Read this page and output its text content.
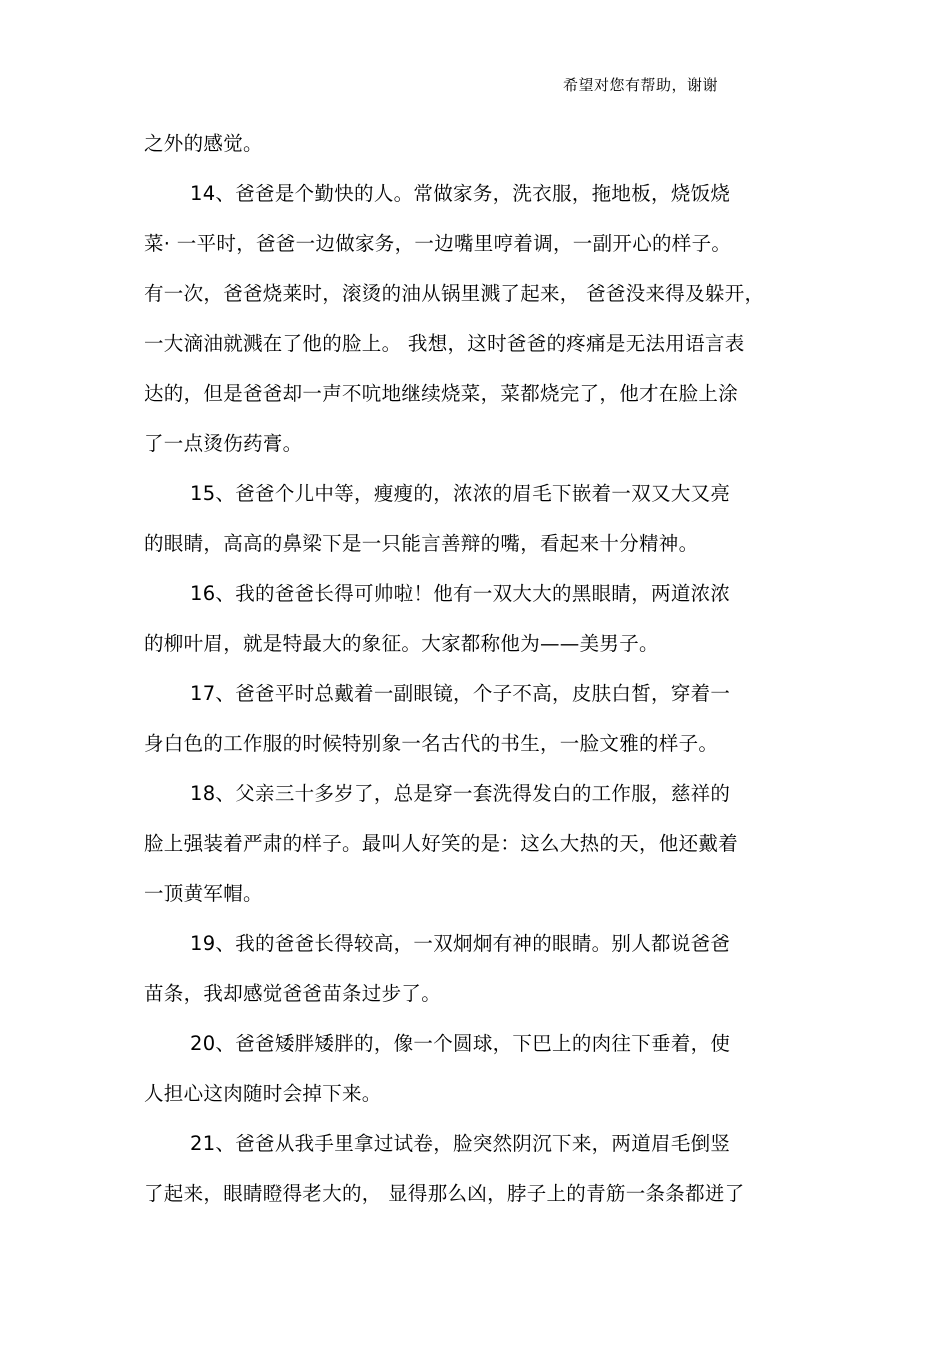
希望对您有帮助，谢谢
之外的感觉。
14、爸爸是个勤快的人。常做家务，洗衣服，拖地板，烧饭烧
菜· 一平时，爸爸一边做家务，一边嘴里哼着调，一副开心的样子。
有一次，爸爸烧莱时，滚烫的油从锅里溅了起来， 爸爸没来得及躲开，
一大滴油就溅在了他的脸上。 我想，这时爸爸的疼痛是无法用语言表
达的，但是爸爸却一声不吭地继续烧菜，菜都烧完了，他才在脸上涂
了一点烫伤药膏。
15、爸爸个儿中等，瘦瘦的，浓浓的眉毛下嵌着一双又大又亮
的眼睛，高高的鼻梁下是一只能言善辩的嘴，看起来十分精神。
16、我的爸爸长得可帅啦！他有一双大大的黑眼睛，两道浓浓
的柳叶眉，就是特最大的象征。大家都称他为——美男子。
17、爸爸平时总戴着一副眼镜，个子不高，皮肤白皙，穿着一
身白色的工作服的时候特别象一名古代的书生，一脸文雅的样子。
18、父亲三十多岁了，总是穿一套洗得发白的工作服，慈祥的
脸上强装着严肃的样子。最叫人好笑的是：这么大热的天，他还戴着
一顶黄军帽。
19、我的爸爸长得较高，一双炯炯有神的眼睛。别人都说爸爸
苗条，我却感觉爸爸苗条过步了。
20、爸爸矮胖矮胖的，像一个圆球，下巴上的肉往下垂着，使
人担心这肉随时会掉下来。
21、爸爸从我手里拿过试卷，脸突然阴沉下来，两道眉毛倒竖
了起来，眼睛瞪得老大的， 显得那么凶，脖子上的青筋一条条都迸了
